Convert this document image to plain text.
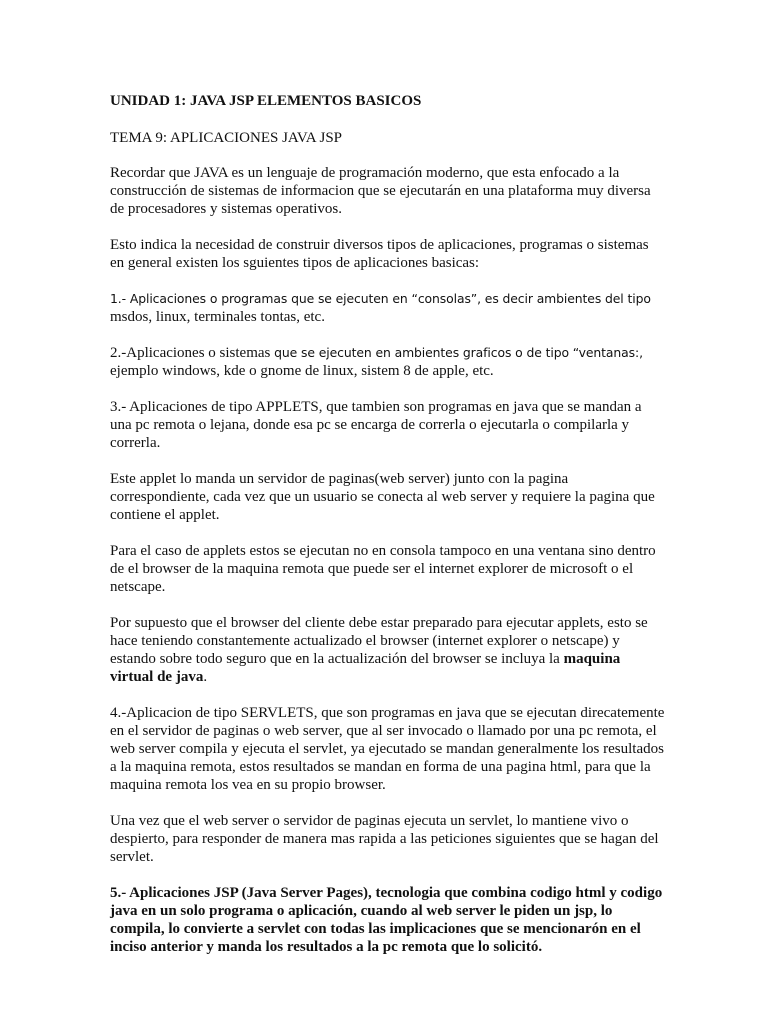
UNIDAD 1: JAVA JSP ELEMENTOS BASICOS

TEMA 9: APLICACIONES JAVA JSP

Recordar que JAVA es un lenguaje de programación moderno, que esta enfocado a la construcción de sistemas de informacion que se ejecutarán en una plataforma muy diversa de procesadores y sistemas operativos.

Esto indica la necesidad de construir diversos tipos de aplicaciones, programas o sistemas en general existen los sguientes tipos de aplicaciones basicas:

1.- Aplicaciones o programas que se ejecuten en “consolas”, es decir ambientes del tipo
msdos, linux, terminales tontas, etc.

2.-Aplicaciones o sistemas que se ejecuten en ambientes graficos o de tipo “ventanas:,
ejemplo windows, kde o gnome de linux, sistem 8 de apple, etc.

3.- Aplicaciones de tipo APPLETS, que tambien son programas en java que se mandan a una pc remota o lejana, donde esa pc se encarga de correrla o ejecutarla o compilarla y correrla.

Este applet lo manda un servidor de paginas(web server) junto con la pagina correspondiente, cada vez que un usuario se conecta al web server y requiere la pagina que contiene el applet.

Para el caso de applets estos se ejecutan no en consola tampoco en una ventana sino dentro de el browser de la maquina remota que puede ser el internet explorer de microsoft o el netscape.

Por supuesto que el browser del cliente debe estar preparado para ejecutar applets, esto se hace teniendo constantemente actualizado el browser (internet explorer o netscape) y estando sobre todo seguro que en la actualización del browser se incluya la maquina virtual de java.

4.-Aplicacion de tipo SERVLETS, que son programas en java que se ejecutan direcatemente en el servidor de paginas o web server, que al ser invocado o llamado por una pc remota, el web server compila y ejecuta el servlet, ya ejecutado se mandan generalmente los resultados a la maquina remota, estos resultados se mandan en forma de una pagina html, para que la maquina remota los vea en su propio browser.

Una vez que el web server o servidor de paginas ejecuta un servlet, lo mantiene vivo o despierto, para responder de manera mas rapida a las peticiones siguientes que se hagan del servlet.

5.- Aplicaciones JSP (Java Server Pages), tecnologia que combina codigo html y codigo java en un solo programa o aplicación, cuando al web server le piden un jsp, lo compila, lo convierte a servlet con todas las implicaciones que se mencionarón en el inciso anterior y manda los resultados a la pc remota que lo solicitó.
